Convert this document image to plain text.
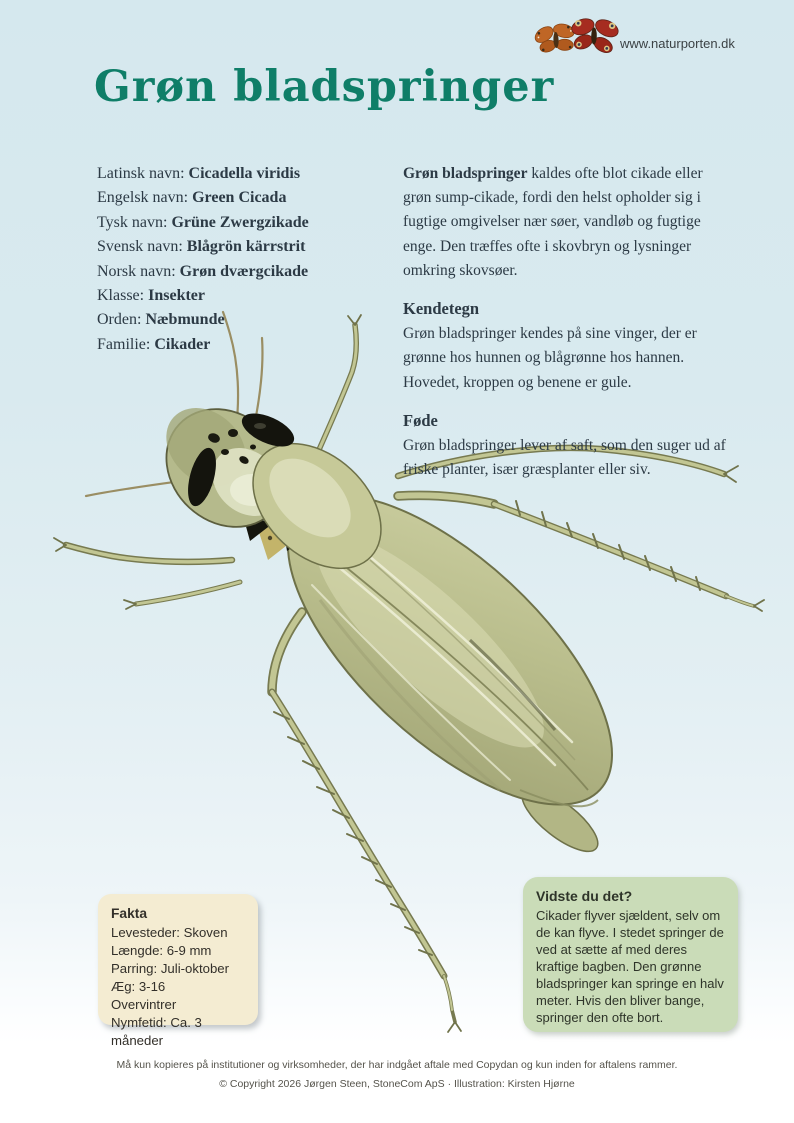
www.naturporten.dk
Grøn bladspringer
Latinsk navn: Cicadella viridis
Engelsk navn: Green Cicada
Tysk navn: Grüne Zwergzikade
Svensk navn: Blågrön kärrstrit
Norsk navn: Grøn dværgcikade
Klasse: Insekter
Orden: Næbmunde
Familie: Cikader

Grøn bladspringer kaldes ofte blot cikade eller grøn sump-cikade, fordi den helst opholder sig i fugtige omgivelser nær søer, vandløb og fugtige enge. Den træffes ofte i skovbryn og lysninger omkring skovsøer.

Kendetegn

Grøn bladspringer kendes på sine vinger, der er grønne hos hunnen og blågrønne hos hannen. Hovedet, kroppen og benene er gule.

Føde

Grøn bladspringer lever af saft, som den suger ud af friske planter, især græsplanter eller siv.

Fakta
Levesteder: Skoven
Længde: 6-9 mm
Parring: Juli-oktober
Æg: 3-16
Overvintrer
Nymfetid: Ca. 3 måneder
Vidste du det?
Cikader flyver sjældent, selv om de kan flyve. I stedet springer de ved at sætte af med deres kraftige bagben. Den grønne bladspringer kan springe en halv meter. Hvis den bliver bange, springer den ofte bort.
Må kun kopieres på institutioner og virksomheder, der har indgået aftale med Copydan og kun inden for aftalens rammer.
© Copyright 2026 Jørgen Steen, StoneCom ApS · Illustration: Kirsten Hjørne
